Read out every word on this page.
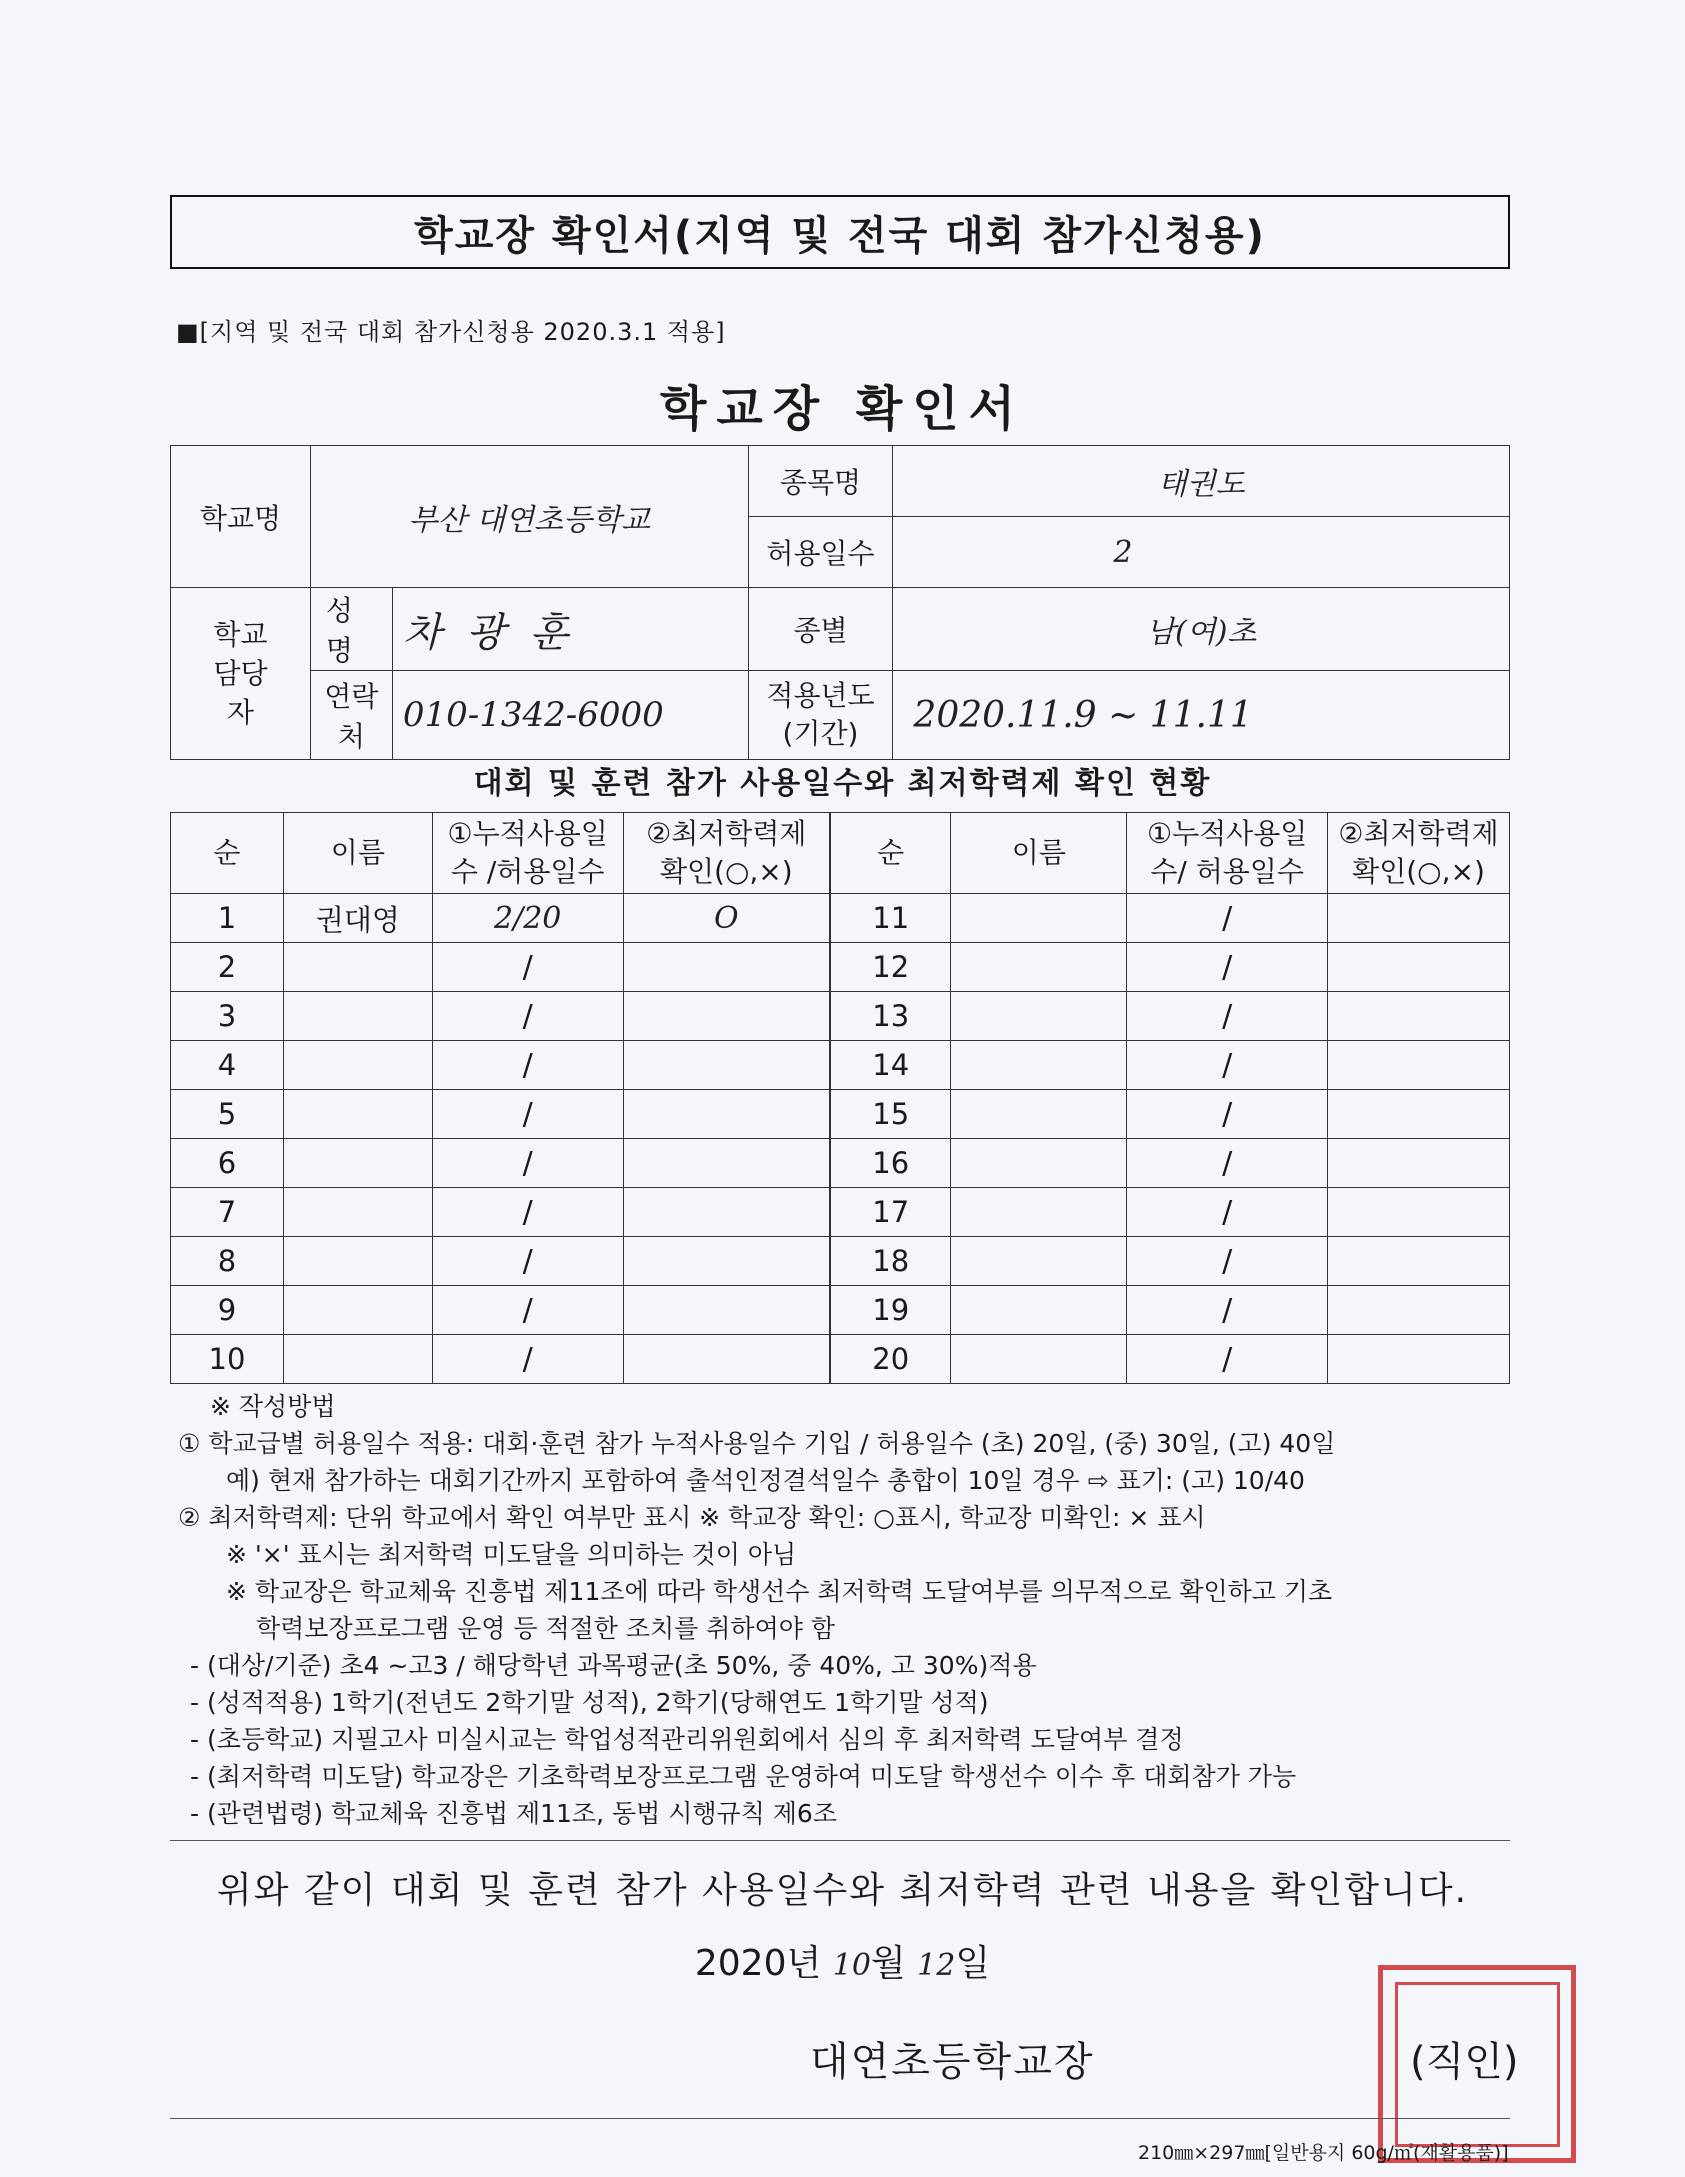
학교장 확인서(지역 및 전국 대회 참가신청용)
■[지역 및 전국 대회 참가신청용 2020.3.1 적용]
학교장 확인서
학교명	부산 대연초등학교		종목명	태권도
			허용일수	2
학교 담당자	성 명	차 광 훈	종별	남(여)초
	연락처	010-1342-6000	적용년도 (기간)	2020.11.9 ~ 11.11
대회 및 훈련 참가 사용일수와 최저학력제 확인 현황
순	이름	①누적사용일수 /허용일수	②최저학력제 확인(○,×)	순	이름	①누적사용일수/ 허용일수	②최저학력제 확인(○,×)
1	권대영	2/20	O	11		/	
2		/		12		/	
3		/		13		/	
4		/		14		/	
5		/		15		/	
6		/		16		/	
7		/		17		/	
8		/		18		/	
9		/		19		/	
10		/		20		/	
※ 작성방법
① 학교급별 허용일수 적용: 대회·훈련 참가 누적사용일수 기입 / 허용일수 (초) 20일, (중) 30일, (고) 40일
예) 현재 참가하는 대회기간까지 포함하여 출석인정결석일수 총합이 10일 경우 ⇨ 표기: (고) 10/40
② 최저학력제: 단위 학교에서 확인 여부만 표시 ※ 학교장 확인: ○표시, 학교장 미확인: × 표시
※ '×' 표시는 최저학력 미도달을 의미하는 것이 아님
※ 학교장은 학교체육 진흥법 제11조에 따라 학생선수 최저학력 도달여부를 의무적으로 확인하고 기초
학력보장프로그램 운영 등 적절한 조치를 취하여야 함
- (대상/기준) 초4 ~고3 / 해당학년 과목평균(초 50%, 중 40%, 고 30%)적용
- (성적적용) 1학기(전년도 2학기말 성적), 2학기(당해연도 1학기말 성적)
- (초등학교) 지필고사 미실시교는 학업성적관리위원회에서 심의 후 최저학력 도달여부 결정
- (최저학력 미도달) 학교장은 기초학력보장프로그램 운영하여 미도달 학생선수 이수 후 대회참가 가능
- (관련법령) 학교체육 진흥법 제11조, 동법 시행규칙 제6조
위와 같이 대회 및 훈련 참가 사용일수와 최저학력 관련 내용을 확인합니다.
2020년 10월 12일
대연초등학교장	(직인)
210㎜×297㎜[일반용지 60g/㎡(재활용품)]
